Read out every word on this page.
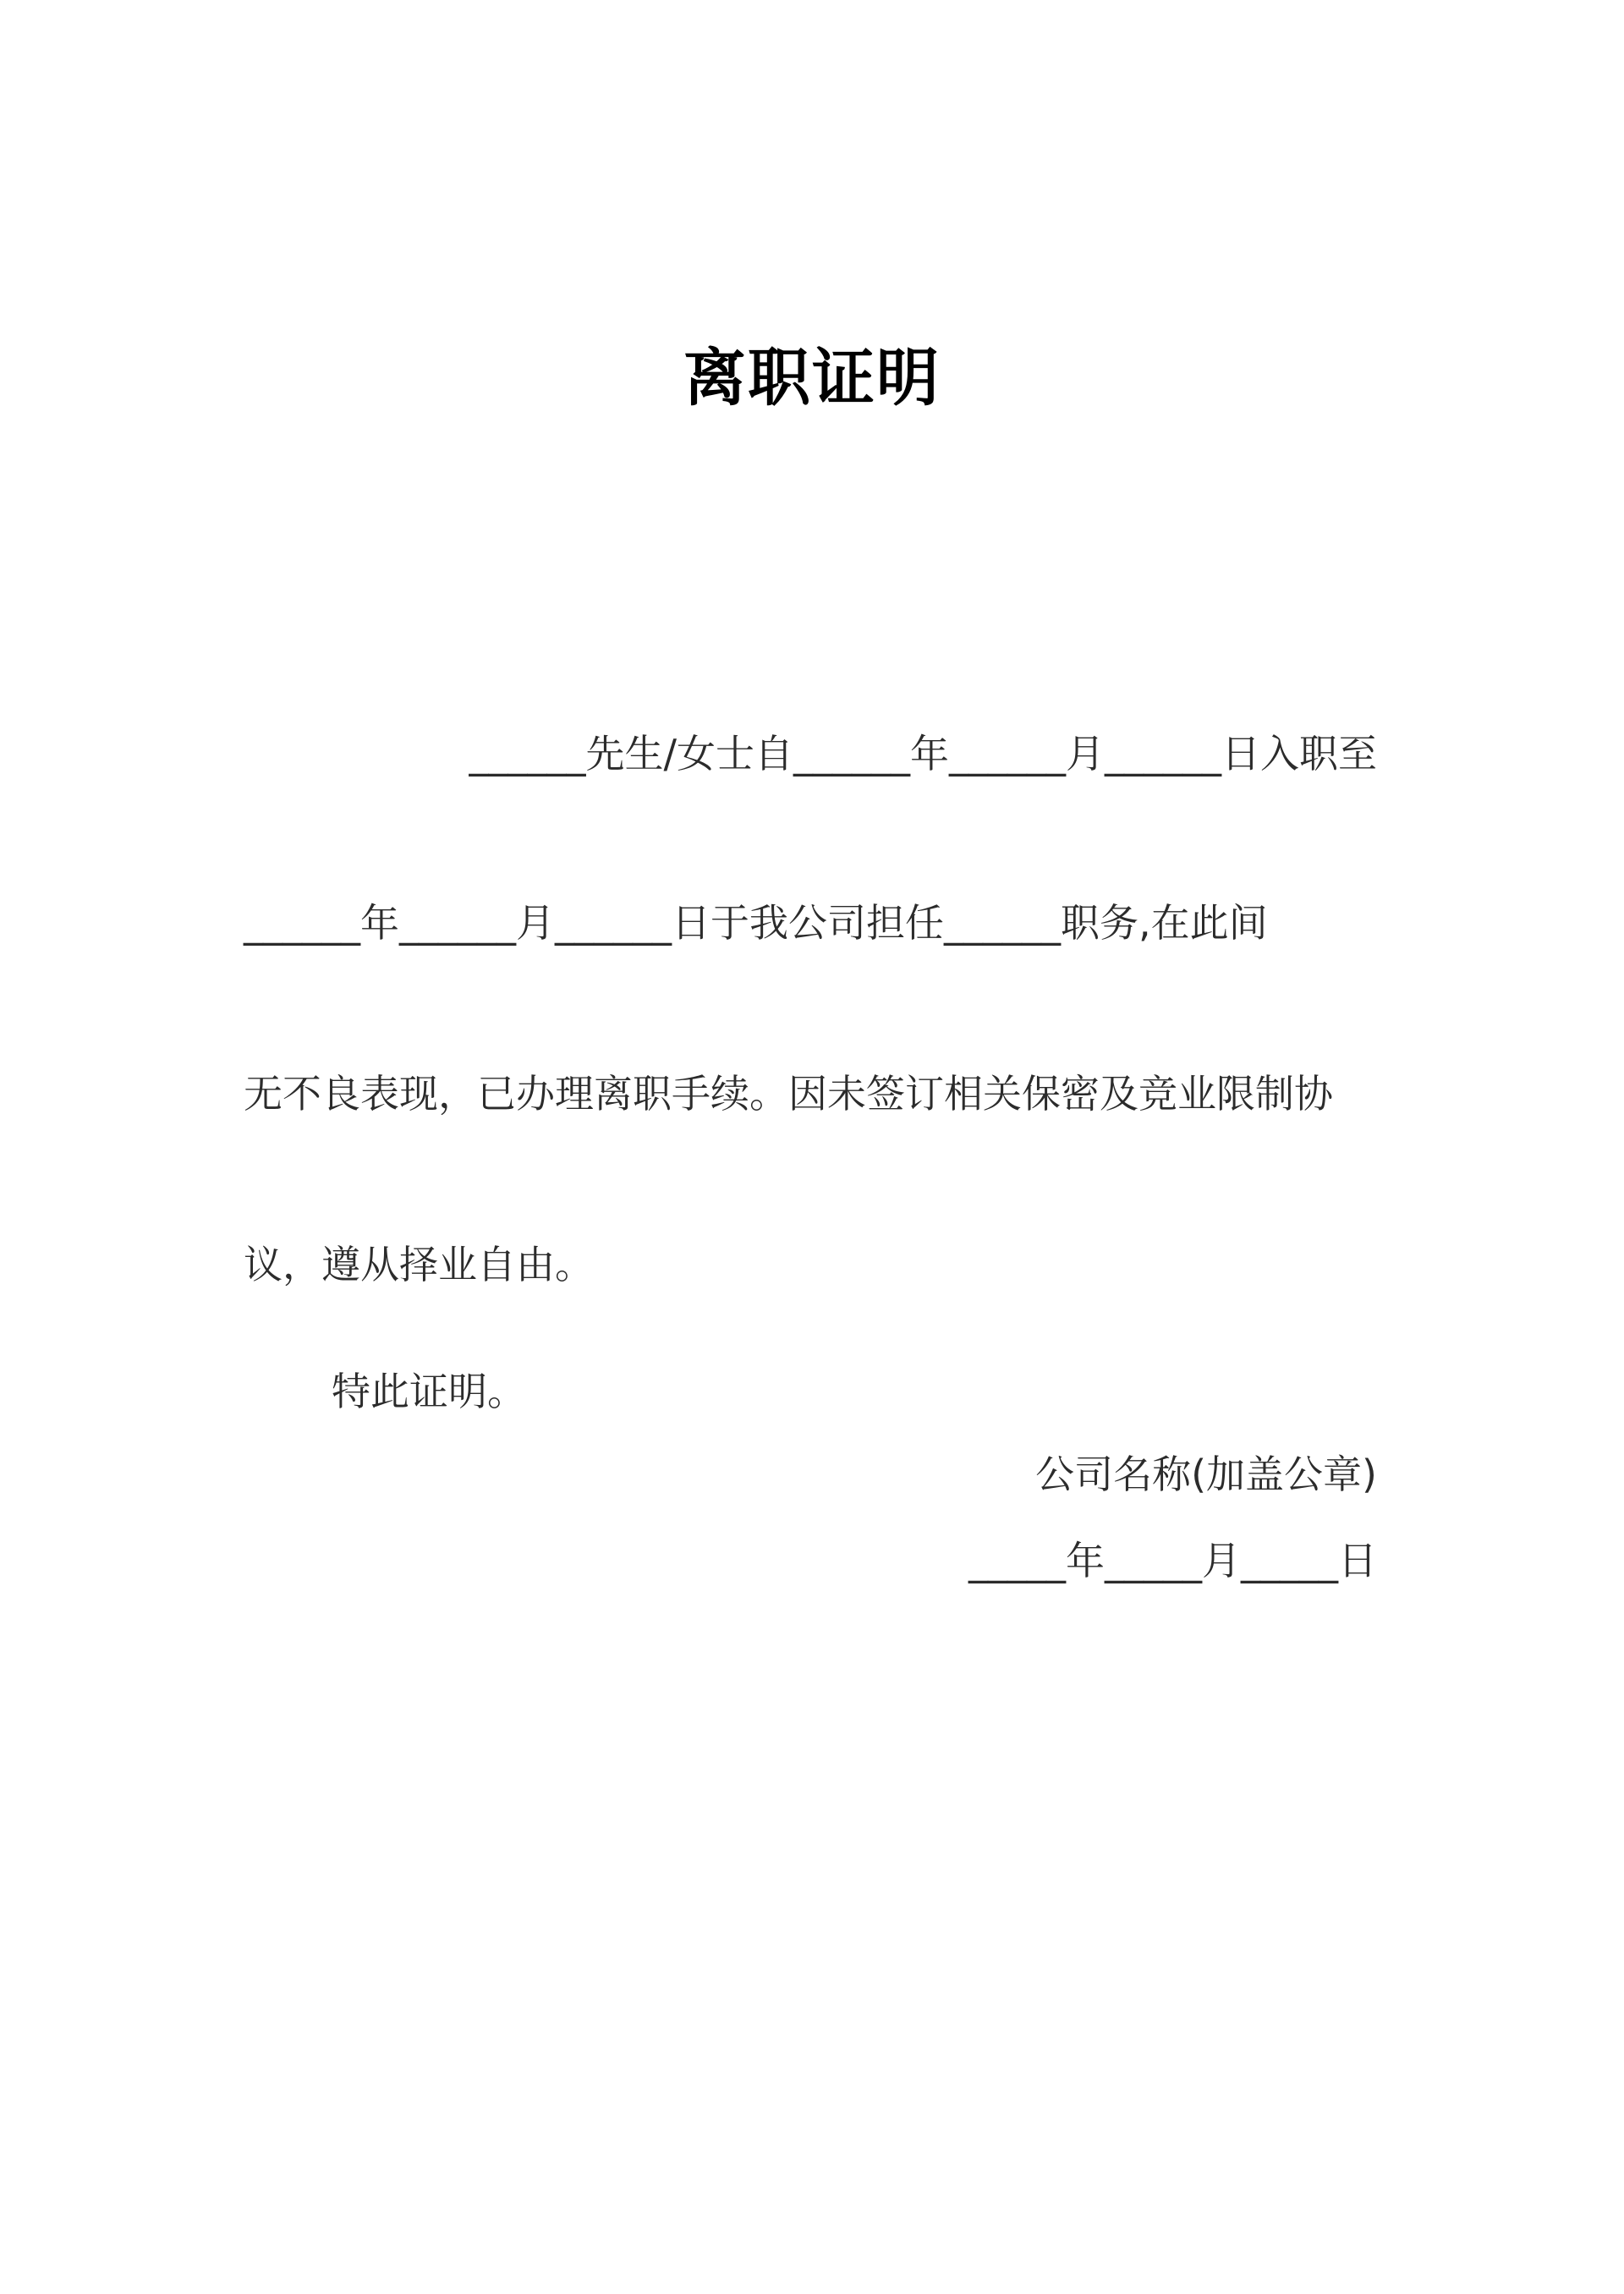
离职证明
______先生/女士自______年______月______日入职至
______年______月______日于我公司担任______职务,在此间
无不良表现，已办理离职手续。因未签订相关保密及竞业限制协
议，遵从择业自由。
特此证明。
公司名称(加盖公章)
_____年_____月_____日
